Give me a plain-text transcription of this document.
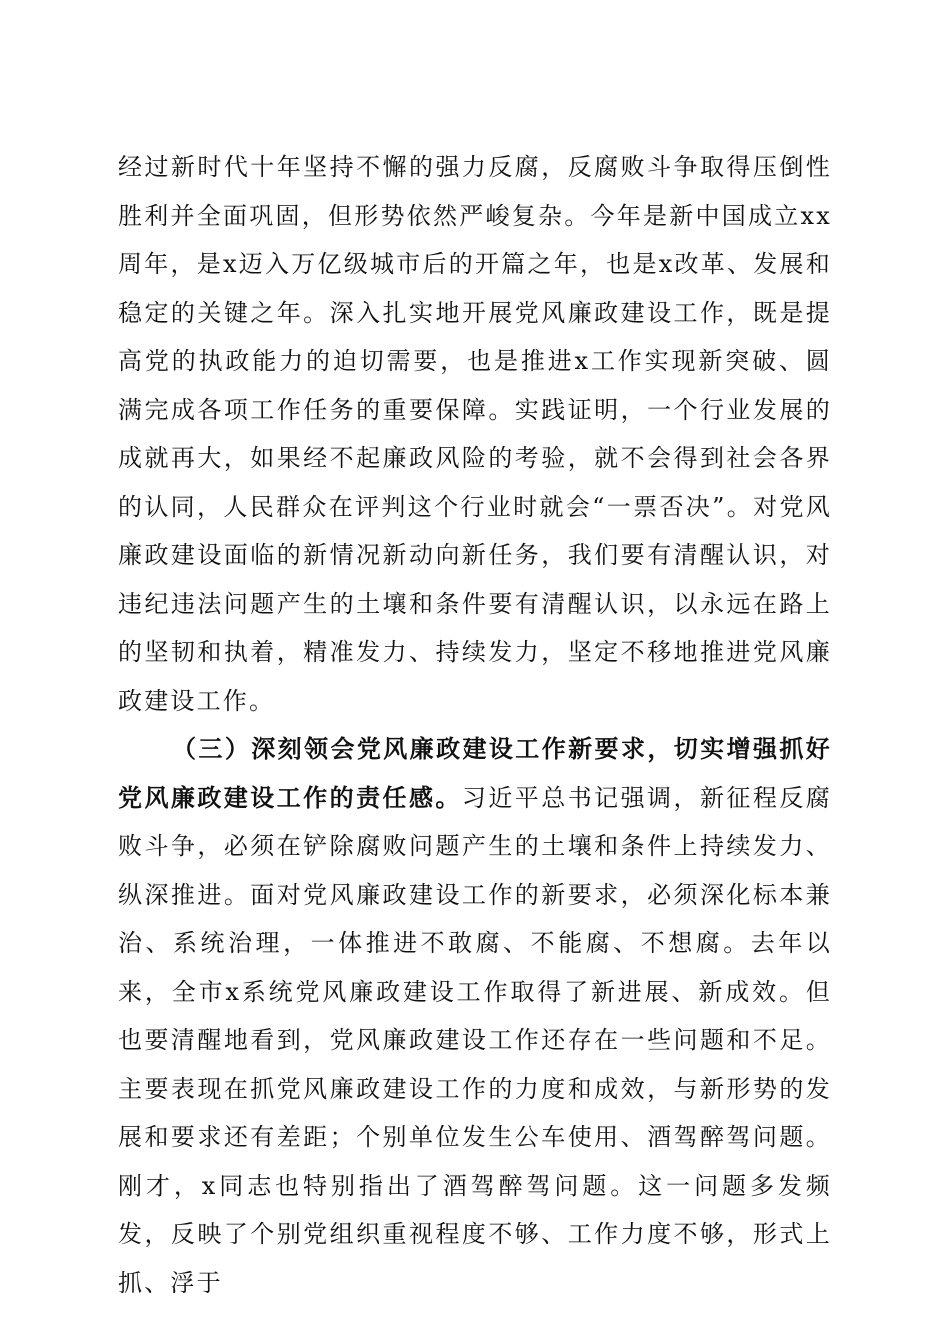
经过新时代十年坚持不懈的强力反腐，反腐败斗争取得压倒性胜利并全面巩固，但形势依然严峻复杂。今年是新中国成立xx周年，是x迈入万亿级城市后的开篇之年，也是x改革、发展和稳定的关键之年。深入扎实地开展党风廉政建设工作，既是提高党的执政能力的迫切需要，也是推进x工作实现新突破、圆满完成各项工作任务的重要保障。实践证明，一个行业发展的成就再大，如果经不起廉政风险的考验，就不会得到社会各界的认同，人民群众在评判这个行业时就会“一票否决”。对党风廉政建设面临的新情况新动向新任务，我们要有清醒认识，对违纪违法问题产生的土壤和条件要有清醒认识，以永远在路上的坚韧和执着，精准发力、持续发力，坚定不移地推进党风廉政建设工作。

（三）深刻领会党风廉政建设工作新要求，切实增强抓好党风廉政建设工作的责任感。习近平总书记强调，新征程反腐败斗争，必须在铲除腐败问题产生的土壤和条件上持续发力、纵深推进。面对党风廉政建设工作的新要求，必须深化标本兼治、系统治理，一体推进不敢腐、不能腐、不想腐。去年以来，全市x系统党风廉政建设工作取得了新进展、新成效。但也要清醒地看到，党风廉政建设工作还存在一些问题和不足。主要表现在抓党风廉政建设工作的力度和成效，与新形势的发展和要求还有差距；个别单位发生公车使用、酒驾醉驾问题。刚才，x同志也特别指出了酒驾醉驾问题。这一问题多发频发，反映了个别党组织重视程度不够、工作力度不够，形式上抓、浮于
